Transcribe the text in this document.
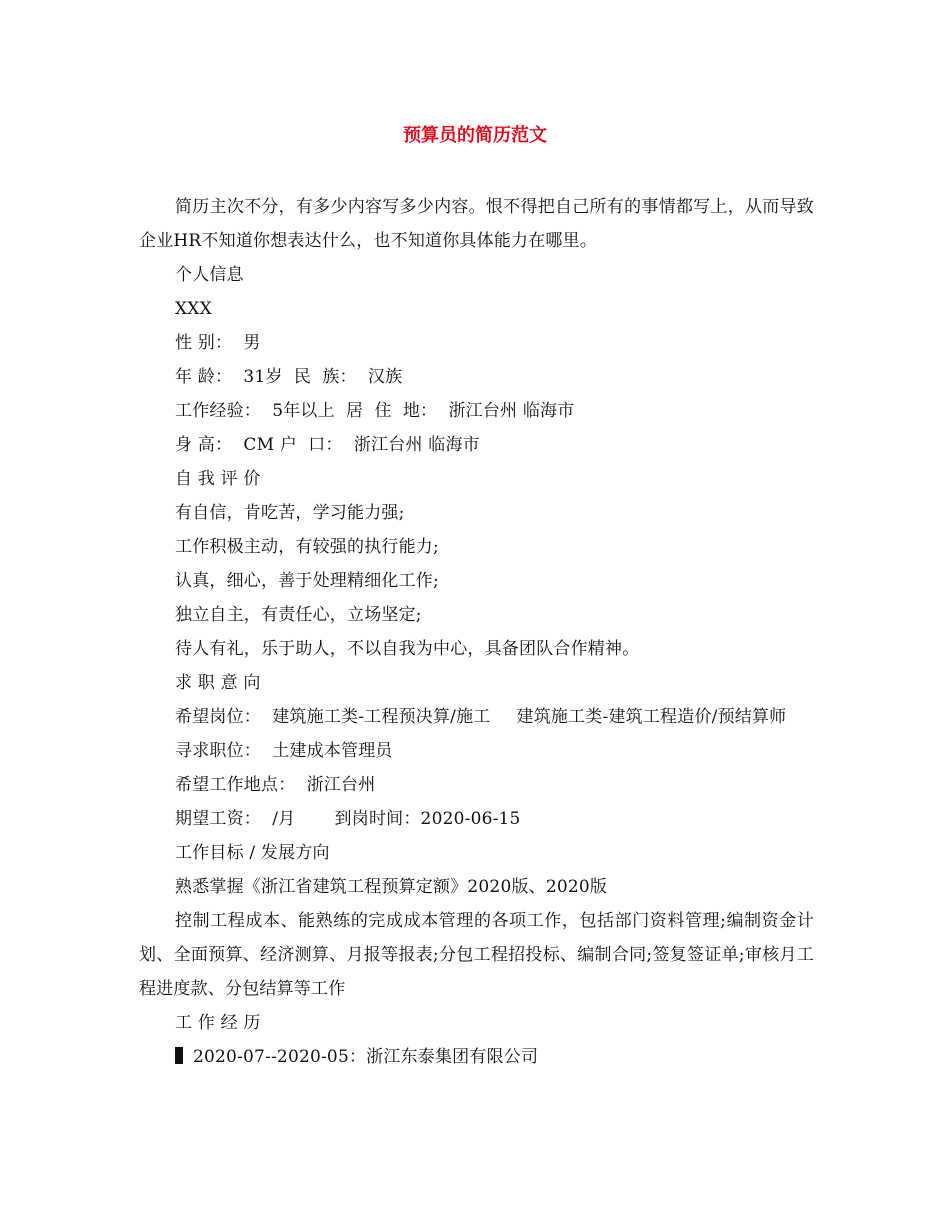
预算员的简历范文

简历主次不分，有多少内容写多少内容。恨不得把自己所有的事情都写上，从而导致企业HR不知道你想表达什么，也不知道你具体能力在哪里。

个人信息

XXX

性 别：  男

年 龄：  31岁  民  族：  汉族

工作经验：  5年以上  居  住  地：  浙江台州 临海市

身 高：  CM 户  口：  浙江台州 临海市

自 我 评 价

有自信，肯吃苦，学习能力强;

工作积极主动，有较强的执行能力;

认真，细心，善于处理精细化工作;

独立自主，有责任心，立场坚定;

待人有礼，乐于助人，不以自我为中心，具备团队合作精神。

求 职 意 向

希望岗位： 建筑施工类-工程预决算/施工 建筑施工类-建筑工程造价/预结算师

寻求职位：  土建成本管理员

希望工作地点：  浙江台州

期望工资：  /月       到岗时间：2020-06-15

工作目标 / 发展方向

熟悉掌握《浙江省建筑工程预算定额》2020版、2020版

控制工程成本、能熟练的完成成本管理的各项工作，包括部门资料管理;编制资金计划、全面预算、经济测算、月报等报表;分包工程招投标、编制合同;签复签证单;审核月工程进度款、分包结算等工作

工 作 经 历

2020-07--2020-05：浙江东泰集团有限公司
